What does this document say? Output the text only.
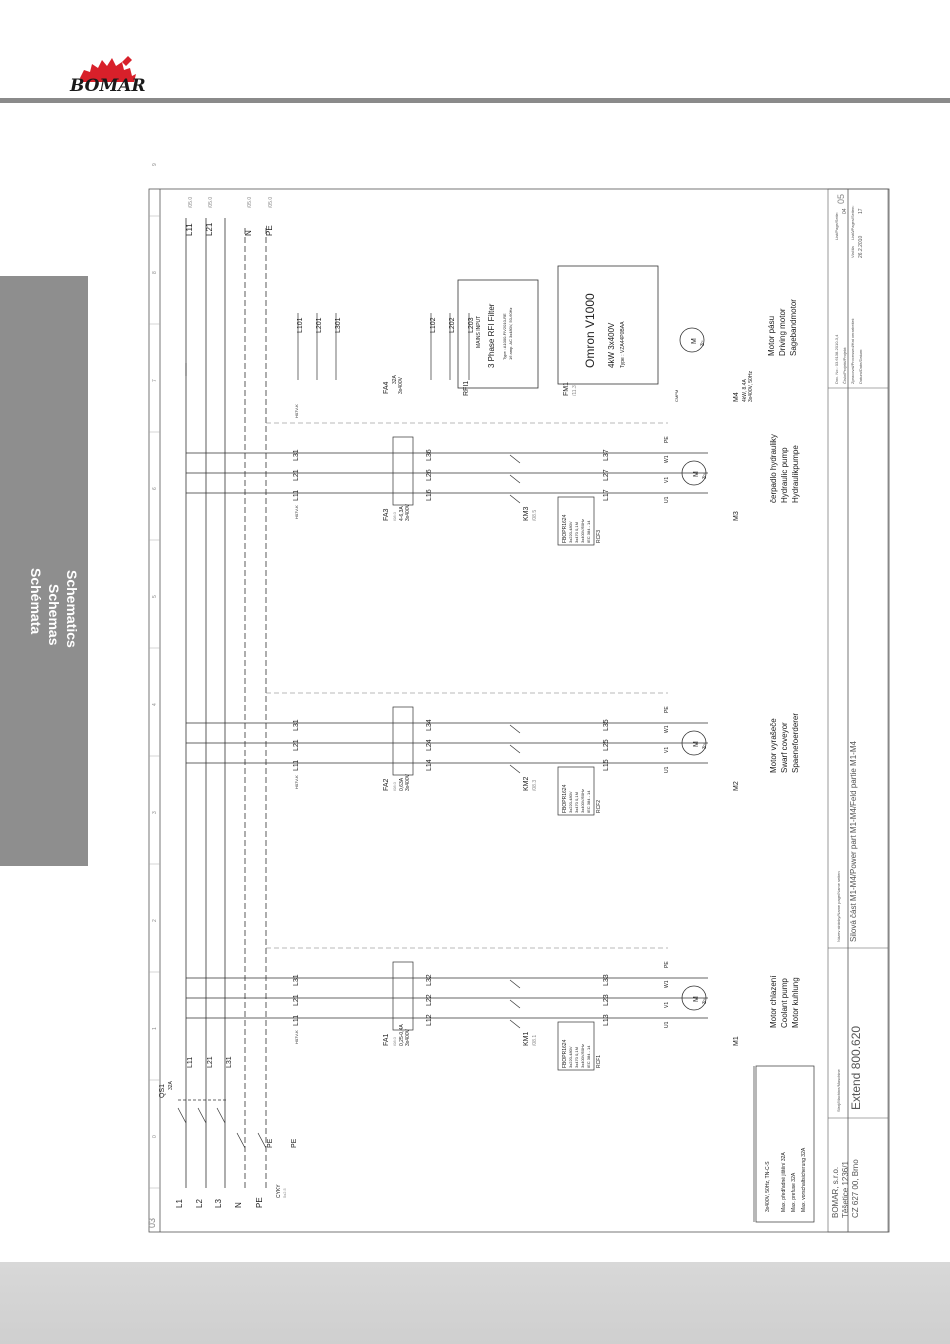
BOMAR
Schémata Schemas Schematics
0
1
2
3
4
5
6
7
8
9
03
05
L1 L2 L3 N PE
L11 L21	N PE
/05.0	/05.0	/05.0	/05.0
QS1 32A
L11 L21 L31
PE PE
CYKY 5x2.5	3x400V, 50Hz, TN-C-S Max. předřadné jištění 32A Max. prefuse 32A Max. vorschaltsicherung 32A
FBOPR1624 3x220-480V 3x470 0,1M 3x400V/50Hz IEC 384 - 14 RCF1
M 3~
U1
V1
W1
PE
L11	L12	L13
L21	L22	L23
L31	L32	L33
FA1 /08.0 0,25-0,4A 3x400V	KM1 /08.1
H07V-K	M1
Motor chlazení Coolant pump Motor kuhlung
FBOPR1624 3x220-480V 3x470 0,1M 3x400V/50Hz IEC 384 - 14 RCF2
M 3~
U1
V1
W1
PE
L11	L14	L15
L21	L24	L25
L31	L34	L35
FA2 /08.0 0,63A 3x400V	KM2 /08.3
H07V-K	M2
Motor vyrašeče Swarf coveyor Spaenefoerderer
FBOPR1624 3x220-480V 3x470 0,1M 3x400V/50Hz IEC 384 - 14 RCF3
M 3~
U1
V1
W1
PE
L11	L16	L17
L21	L26	L27
L31	L36	L37
FA3 /08.0 4-6,3A 3x400V	KM3 /08.5
H07V-K	M3
čerpadlo hydrauliky Hydraulic pump Hydraulikpumpe
3 Phase RFI Filter
MAINS INPUT	Type : A1000-FIV2010-RE 16 amp. AC 3x480V, 50-60Hz
RFI1
Omron V1000 4kW 3x400V Type : VZA44P0BAA
FM1 /11.3
FA4
32A 3x400V
H07V-K
M4
CMPM	4kW, 8.4A 3x400V, 50Hz
Motor pásu Driving motor Sagebandmotor
L101 L201 L301	L102 L202 L203
M 3~
BOMAR, s.r.o. Těšetice 1236/1 CZ 627 00, Brno
Stroj/Machine/Maschine Extend 800.620
Název stránky/Name page/Name seiten Silová část M1-M4/Power part M1-M4/Feld partie M1-M4
Doc. No.: 03.6138-2010-3,4 Číslo/Projekt/Projekt: Zpracoval/Processed/Hat verarbeitet:
Vlačila
Datum/Date/Datum:
26.2.2010
List/Page/Seite:
04 Listů/Pages/Seiten: 17
